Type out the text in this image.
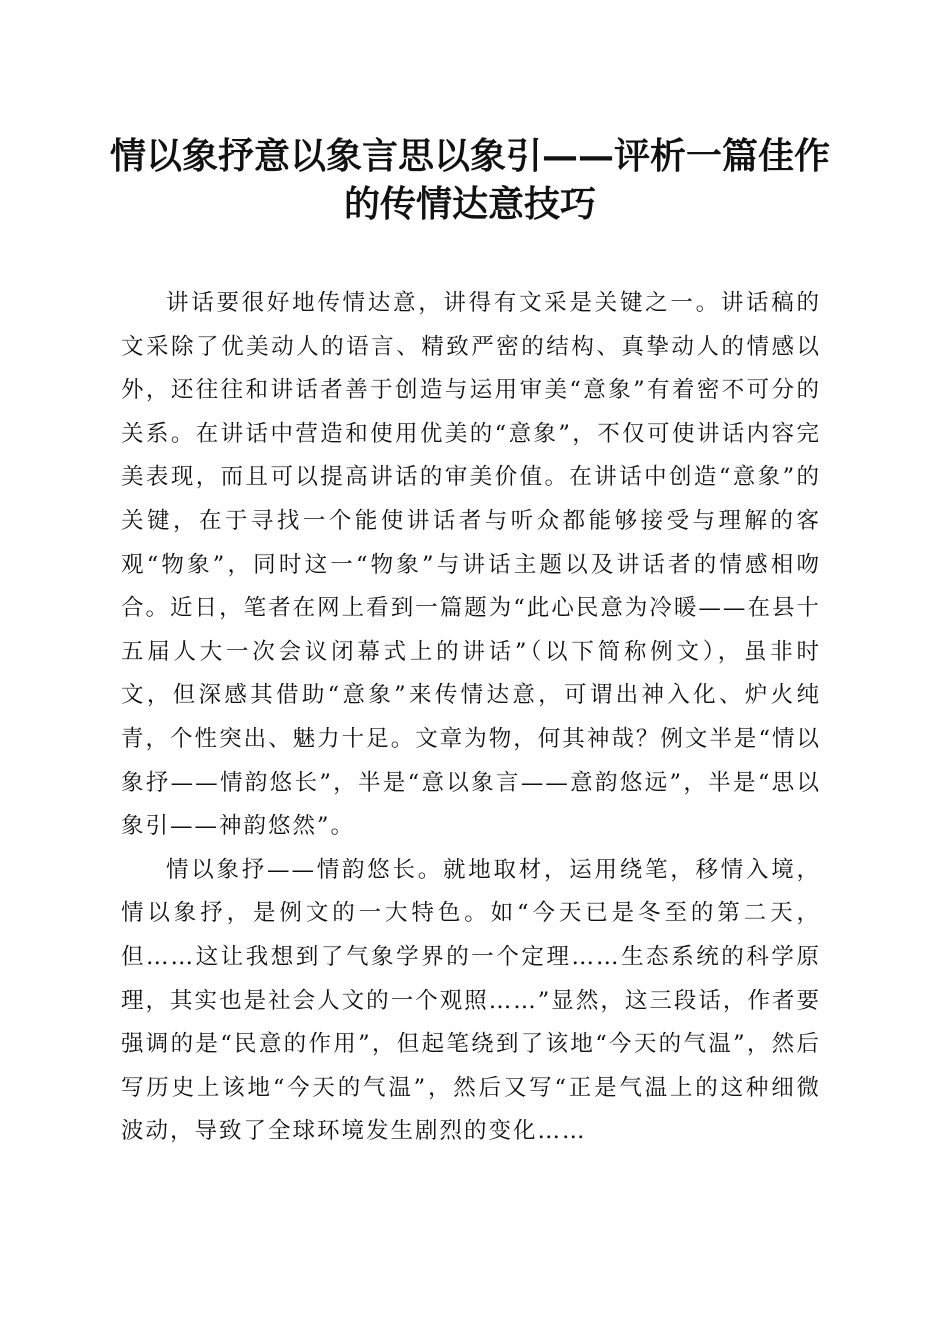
情以象抒意以象言思以象引——评析一篇佳作的传情达意技巧

讲话要很好地传情达意，讲得有文采是关键之一。讲话稿的文采除了优美动人的语言、精致严密的结构、真挚动人的情感以外，还往往和讲话者善于创造与运用审美“意象”有着密不可分的关系。在讲话中营造和使用优美的“意象”，不仅可使讲话内容完美表现，而且可以提高讲话的审美价值。在讲话中创造“意象”的关键，在于寻找一个能使讲话者与听众都能够接受与理解的客观“物象”，同时这一“物象”与讲话主题以及讲话者的情感相吻合。近日，笔者在网上看到一篇题为“此心民意为冷暖——在县十五届人大一次会议闭幕式上的讲话”（以下简称例文），虽非时文，但深感其借助“意象”来传情达意，可谓出神入化、炉火纯青，个性突出、魅力十足。文章为物，何其神哉？例文半是“情以象抒——情韵悠长”，半是“意以象言——意韵悠远”，半是“思以象引——神韵悠然”。

情以象抒——情韵悠长。就地取材，运用绕笔，移情入境，情以象抒，是例文的一大特色。如“今天已是冬至的第二天，但……这让我想到了气象学界的一个定理……生态系统的科学原理，其实也是社会人文的一个观照……”显然，这三段话，作者要强调的是“民意的作用”，但起笔绕到了该地“今天的气温”，然后写历史上该地“今天的气温”，然后又写“正是气温上的这种细微波动，导致了全球环境发生剧烈的变化……
